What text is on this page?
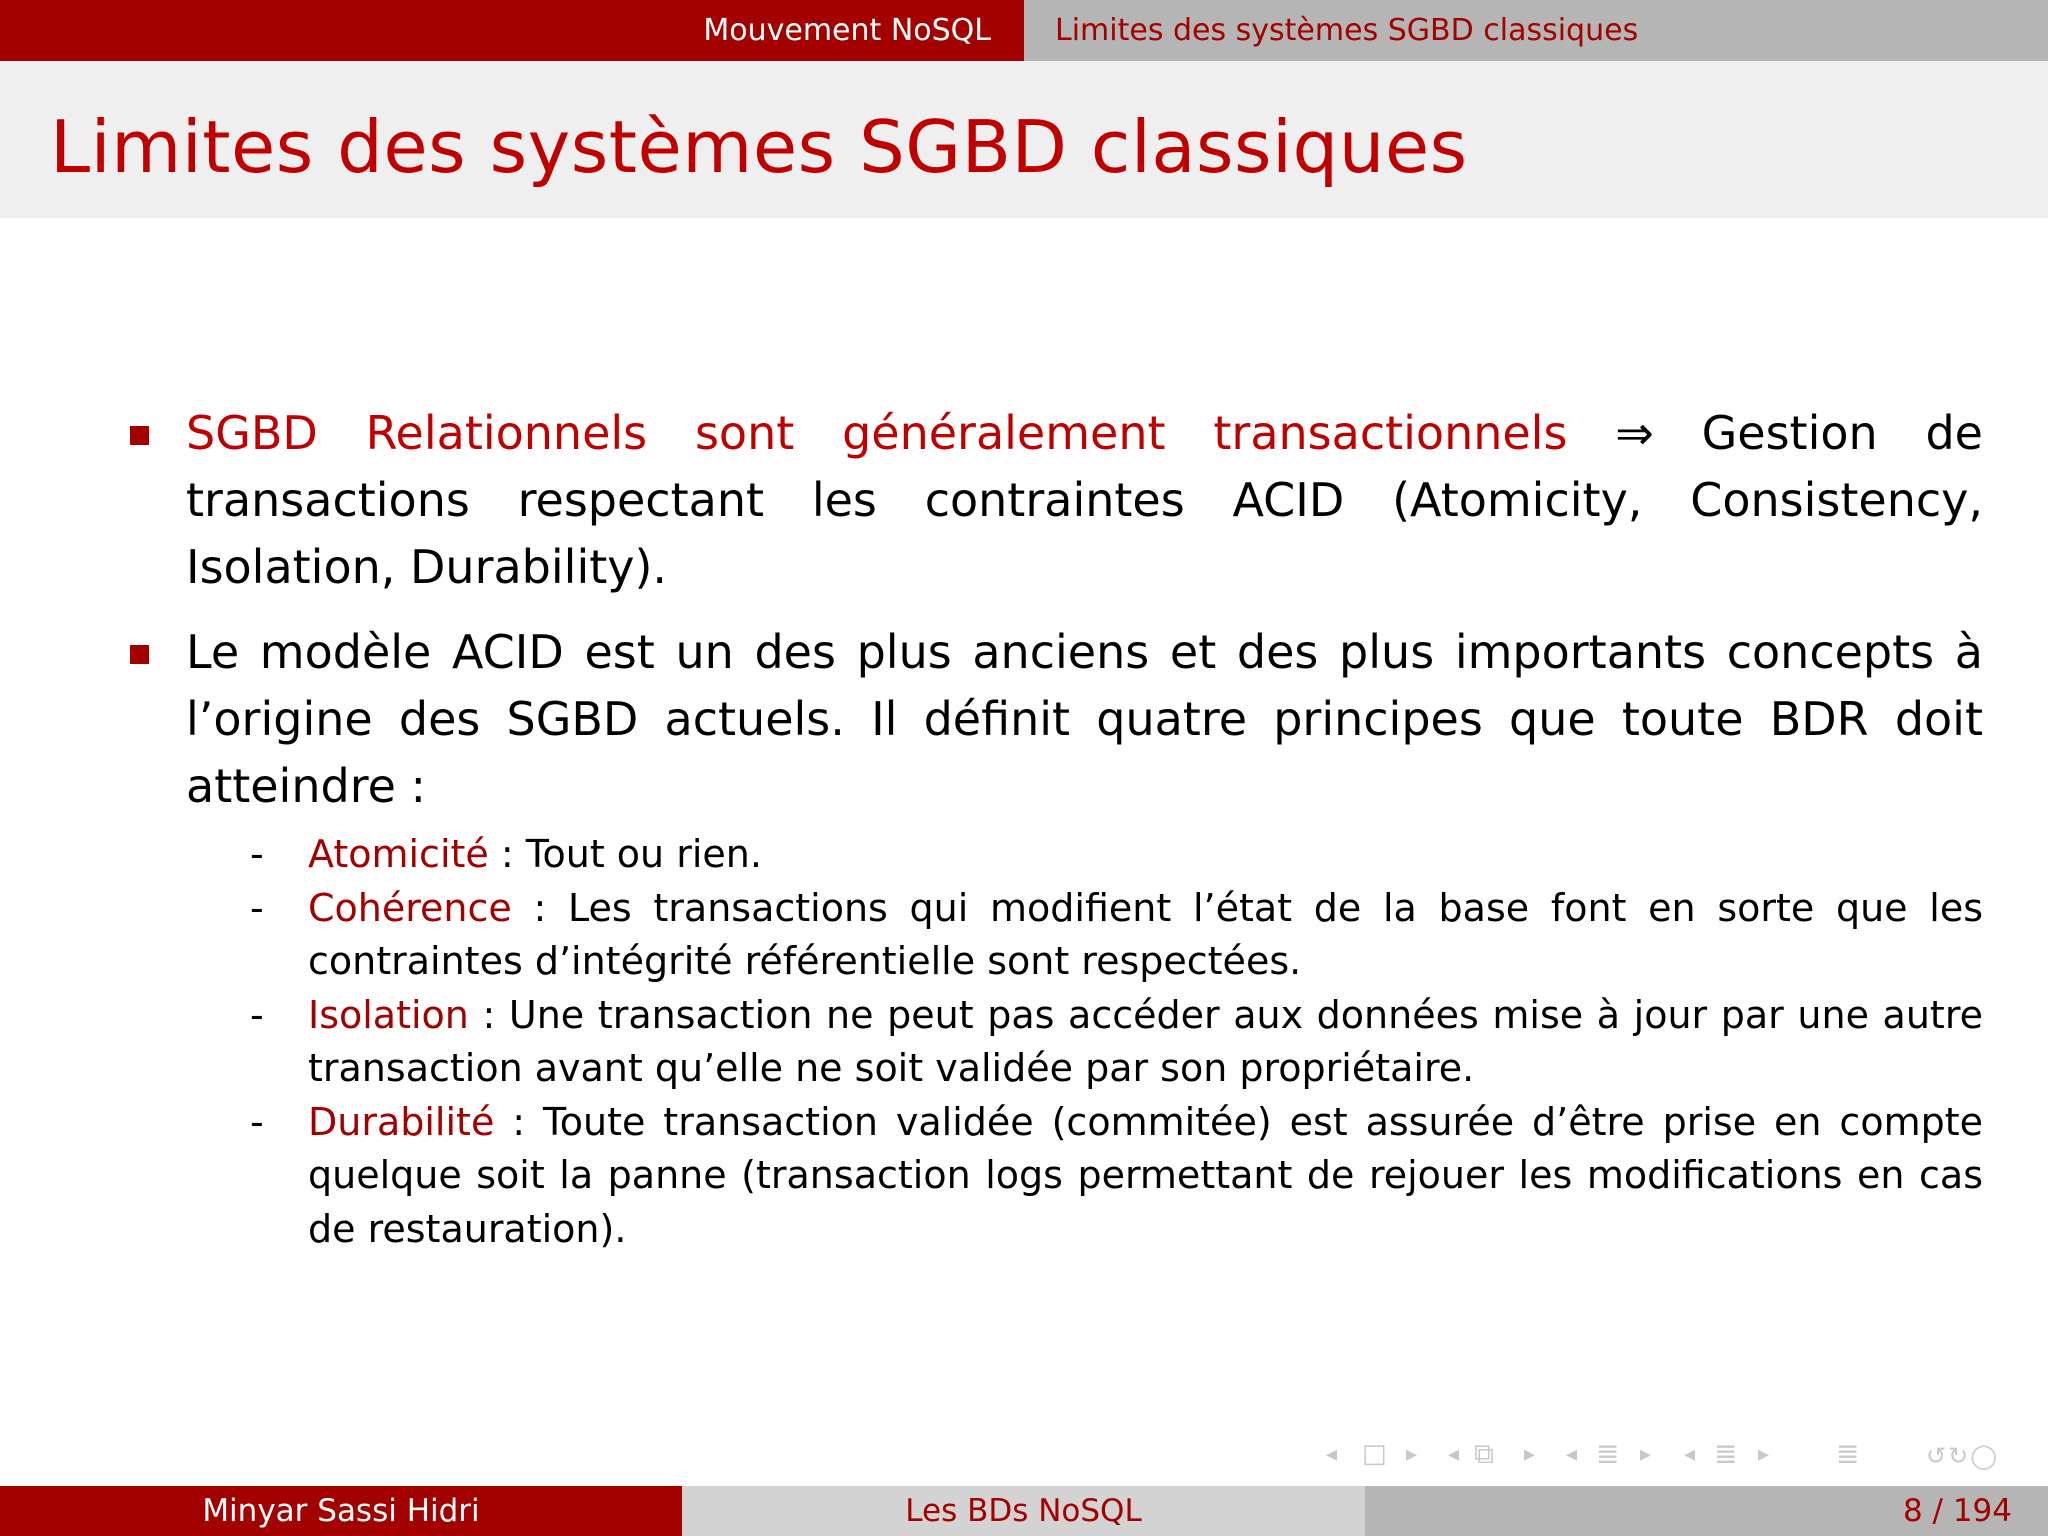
Mouvement NoSQL Limites des systèmes SGBD classiques
Limites des systèmes SGBD classiques
SGBD Relationnels sont généralement transactionnels ⇒ Gestion de transactions respectant les contraintes ACID (Atomicity, Consistency, Isolation, Durability).
Le modèle ACID est un des plus anciens et des plus importants concepts à l’origine des SGBD actuels. Il définit quatre principes que toute BDR doit atteindre :
- Atomicité : Tout ou rien.
- Cohérence : Les transactions qui modifient l’état de la base font en sorte que les contraintes d’intégrité référentielle sont respectées.
- Isolation : Une transaction ne peut pas accéder aux données mise à jour par une autre transaction avant qu’elle ne soit validée par son propriétaire.
- Durabilité : Toute transaction validée (commitée) est assurée d’être prise en compte quelque soit la panne (transaction logs permettant de rejouer les modifications en cas de restauration).
◂ □ ▸ ◂ ⧉ ▸ ◂ ≣ ▸ ◂ ≣ ▸ ≣	↺↻◯
Minyar Sassi Hidri	Les BDs NoSQL	8 / 194
